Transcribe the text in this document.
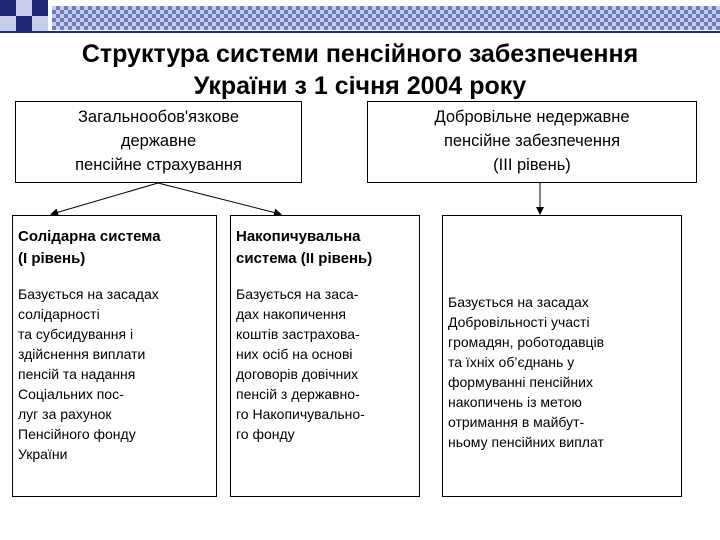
Структура системи пенсійного забезпечення
України з 1 січня 2004 року
Загальнообов'язкове
державне
пенсійне страхування
Добровільне недержавне
пенсійне забезпечення
(ІІІ рівень)
Солідарна система
(І рівень)
Базується на засадах
солідарності
та субсидування і
здійснення виплати
пенсій та надання
Соціальних пос-
луг за рахунок
Пенсійного фонду
України
Накопичувальна
система (ІІ рівень)
Базується на заса-
дах накопичення
коштів застрахова-
них осіб на основі
договорів довічних
пенсій з державно-
го Накопичувально-
го фонду
Базується на засадах
Добровільності участі
громадян, роботодавців
та їхніх об’єднань у
формуванні пенсійних
накопичень із метою
отримання в майбут-
ньому пенсійних виплат
